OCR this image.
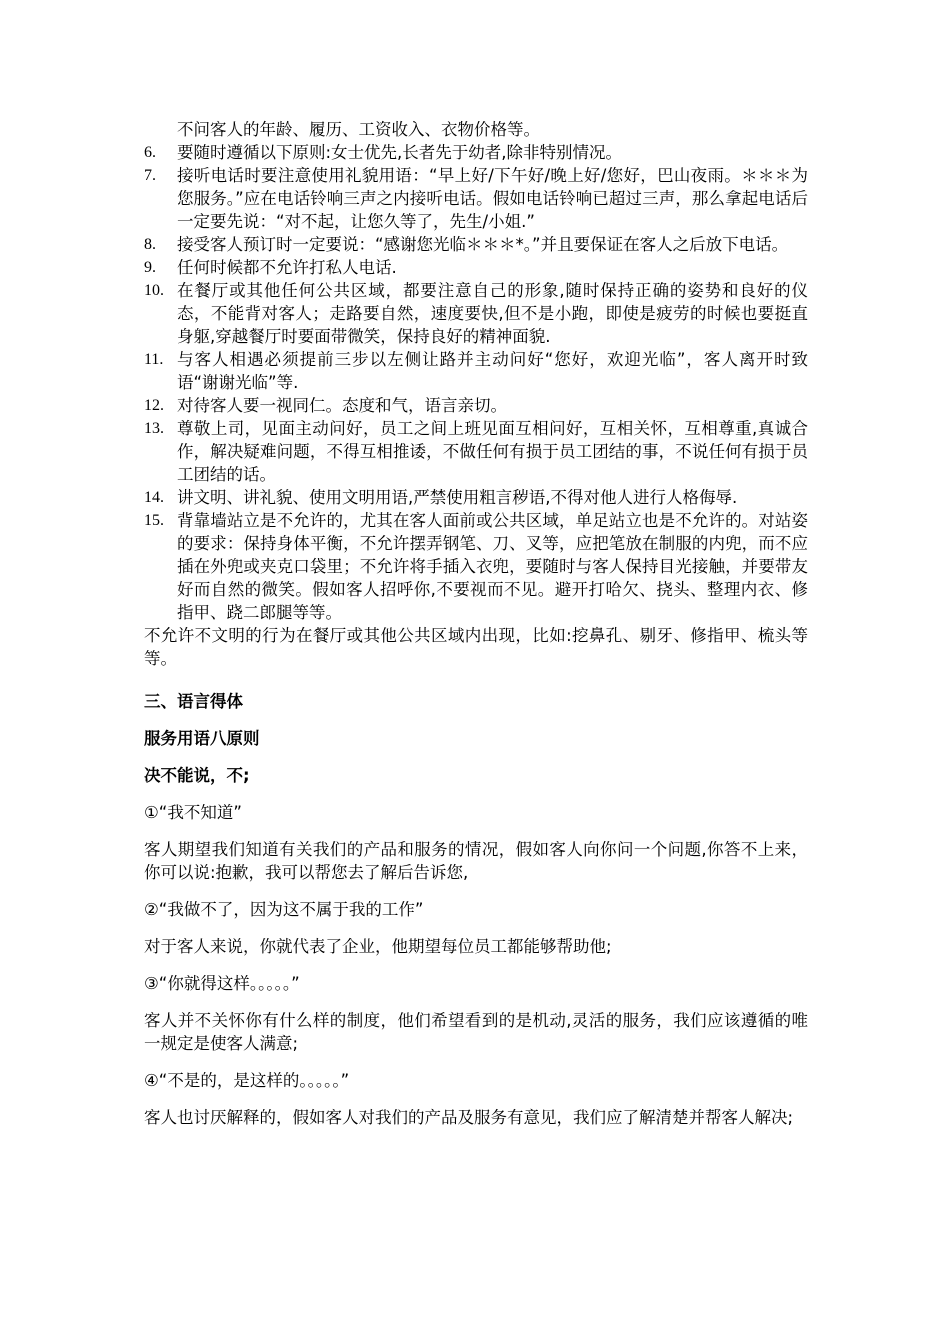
不问客人的年龄、履历、工资收入、衣物价格等。
6.	要随时遵循以下原则:女士优先,长者先于幼者,除非特别情况。
7.	接听电话时要注意使用礼貌用语：“早上好/下午好/晚上好/您好，巴山夜雨。＊＊＊为您服务。”应在电话铃响三声之内接听电话。假如电话铃响已超过三声，那么拿起电话后一定要先说：“对不起，让您久等了，先生/小姐.”
8.	接受客人预订时一定要说：“感谢您光临＊＊＊*。”并且要保证在客人之后放下电话。
9.	任何时候都不允许打私人电话.
10. 在餐厅或其他任何公共区域，都要注意自己的形象,随时保持正确的姿势和良好的仪态，不能背对客人；走路要自然，速度要快,但不是小跑，即使是疲劳的时候也要挺直身躯,穿越餐厅时要面带微笑，保持良好的精神面貌.
11. 与客人相遇必须提前三步以左侧让路并主动问好“您好，欢迎光临”，客人离开时致语“谢谢光临”等.
12. 对待客人要一视同仁。态度和气，语言亲切。
13. 尊敬上司，见面主动问好，员工之间上班见面互相问好，互相关怀，互相尊重,真诚合作，解决疑难问题，不得互相推诿，不做任何有损于员工团结的事，不说任何有损于员工团结的话。
14. 讲文明、讲礼貌、使用文明用语,严禁使用粗言秽语,不得对他人进行人格侮辱.
15. 背靠墙站立是不允许的，尤其在客人面前或公共区域，单足站立也是不允许的。对站姿的要求：保持身体平衡，不允许摆弄钢笔、刀、叉等，应把笔放在制服的内兜，而不应插在外兜或夹克口袋里；不允许将手插入衣兜，要随时与客人保持目光接触，并要带友好而自然的微笑。假如客人招呼你,不要视而不见。避开打哈欠、挠头、整理内衣、修指甲、跷二郎腿等等。

不允许不文明的行为在餐厅或其他公共区域内出现，比如:挖鼻孔、剔牙、修指甲、梳头等等。

三、语言得体
服务用语八原则
决不能说，不;

①“我不知道”

客人期望我们知道有关我们的产品和服务的情况，假如客人向你问一个问题,你答不上来，你可以说:抱歉，我可以帮您去了解后告诉您,

②“我做不了，因为这不属于我的工作”

对于客人来说，你就代表了企业，他期望每位员工都能够帮助他;

③“你就得这样。。。。。”

客人并不关怀你有什么样的制度，他们希望看到的是机动,灵活的服务，我们应该遵循的唯一规定是使客人满意;

④“不是的，是这样的。。。。。”

客人也讨厌解释的，假如客人对我们的产品及服务有意见，我们应了解清楚并帮客人解决;
